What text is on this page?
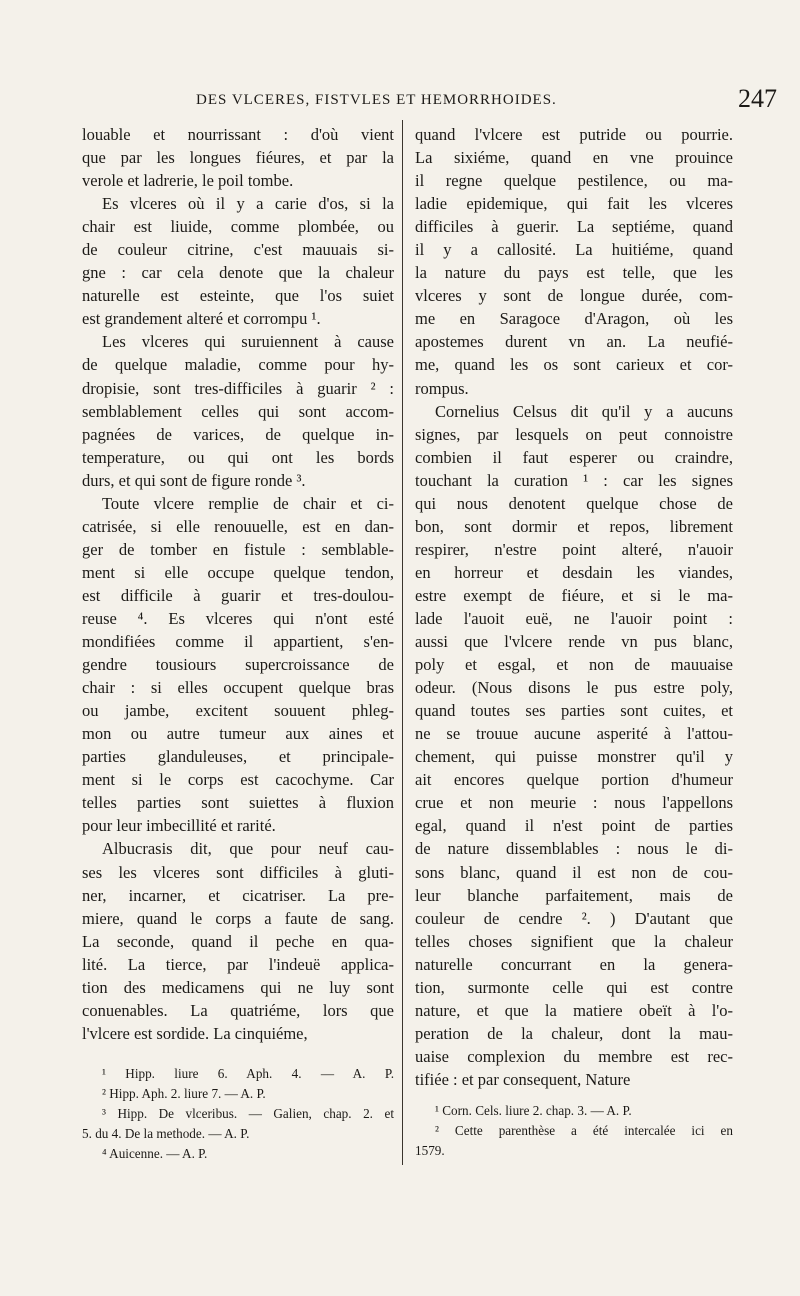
DES VLCERES, FISTVLES ET HEMORRHOIDES.	247
louable et nourrissant : d'où vient
que par les longues fiéures, et par la
verole et ladrerie, le poil tombe.
Es vlceres où il y a carie d'os, si la
chair est liuide, comme plombée, ou
de couleur citrine, c'est mauuais si-
gne : car cela denote que la chaleur
naturelle est esteinte, que l'os suiet
est grandement alteré et corrompu ¹.
Les vlceres qui suruiennent à cause
de quelque maladie, comme pour hy-
dropisie, sont tres-difficiles à guarir ² :
semblablement celles qui sont accom-
pagnées de varices, de quelque in-
temperature, ou qui ont les bords
durs, et qui sont de figure ronde ³.
Toute vlcere remplie de chair et ci-
catrisée, si elle renouuelle, est en dan-
ger de tomber en fistule : semblable-
ment si elle occupe quelque tendon,
est difficile à guarir et tres-doulou-
reuse ⁴. Es vlceres qui n'ont esté
mondifiées comme il appartient, s'en-
gendre tousiours supercroissance de
chair : si elles occupent quelque bras
ou jambe, excitent souuent phleg-
mon ou autre tumeur aux aines et
parties glanduleuses, et principale-
ment si le corps est cacochyme. Car
telles parties sont suiettes à fluxion
pour leur imbecillité et rarité.
Albucrasis dit, que pour neuf cau-
ses les vlceres sont difficiles à gluti-
ner, incarner, et cicatriser. La pre-
miere, quand le corps a faute de sang.
La seconde, quand il peche en qua-
lité. La tierce, par l'indeuë applica-
tion des medicamens qui ne luy sont
conuenables. La quatriéme, lors que
l'vlcere est sordide. La cinquiéme,
quand l'vlcere est putride ou pourrie.
La sixiéme, quand en vne prouince
il regne quelque pestilence, ou ma-
ladie epidemique, qui fait les vlceres
difficiles à guerir. La septiéme, quand
il y a callosité. La huitiéme, quand
la nature du pays est telle, que les
vlceres y sont de longue durée, com-
me en Saragoce d'Aragon, où les
apostemes durent vn an. La neufié-
me, quand les os sont carieux et cor-
rompus.
Cornelius Celsus dit qu'il y a aucuns
signes, par lesquels on peut connoistre
combien il faut esperer ou craindre,
touchant la curation ¹ : car les signes
qui nous denotent quelque chose de
bon, sont dormir et repos, librement
respirer, n'estre point alteré, n'auoir
en horreur et desdain les viandes,
estre exempt de fiéure, et si le ma-
lade l'auoit euë, ne l'auoir point :
aussi que l'vlcere rende vn pus blanc,
poly et esgal, et non de mauuaise
odeur. (Nous disons le pus estre poly,
quand toutes ses parties sont cuites, et
ne se trouue aucune asperité à l'attou-
chement, qui puisse monstrer qu'il y
ait encores quelque portion d'humeur
crue et non meurie : nous l'appellons
egal, quand il n'est point de parties
de nature dissemblables : nous le di-
sons blanc, quand il est non de cou-
leur blanche parfaitement, mais de
couleur de cendre ². ) D'autant que
telles choses signifient que la chaleur
naturelle concurrant en la genera-
tion, surmonte celle qui est contre
nature, et que la matiere obeït à l'o-
peration de la chaleur, dont la mau-
uaise complexion du membre est rec-
tifiée : et par consequent, Nature
¹ Hipp. liure 6. Aph. 4. — A. P.
² Hipp. Aph. 2. liure 7. — A. P.
³ Hipp. De vlceribus. — Galien, chap. 2. et
5. du 4. De la methode. — A. P.
⁴ Auicenne. — A. P.
¹ Corn. Cels. liure 2. chap. 3. — A. P.
² Cette parenthèse a été intercalée ici en
1579.
